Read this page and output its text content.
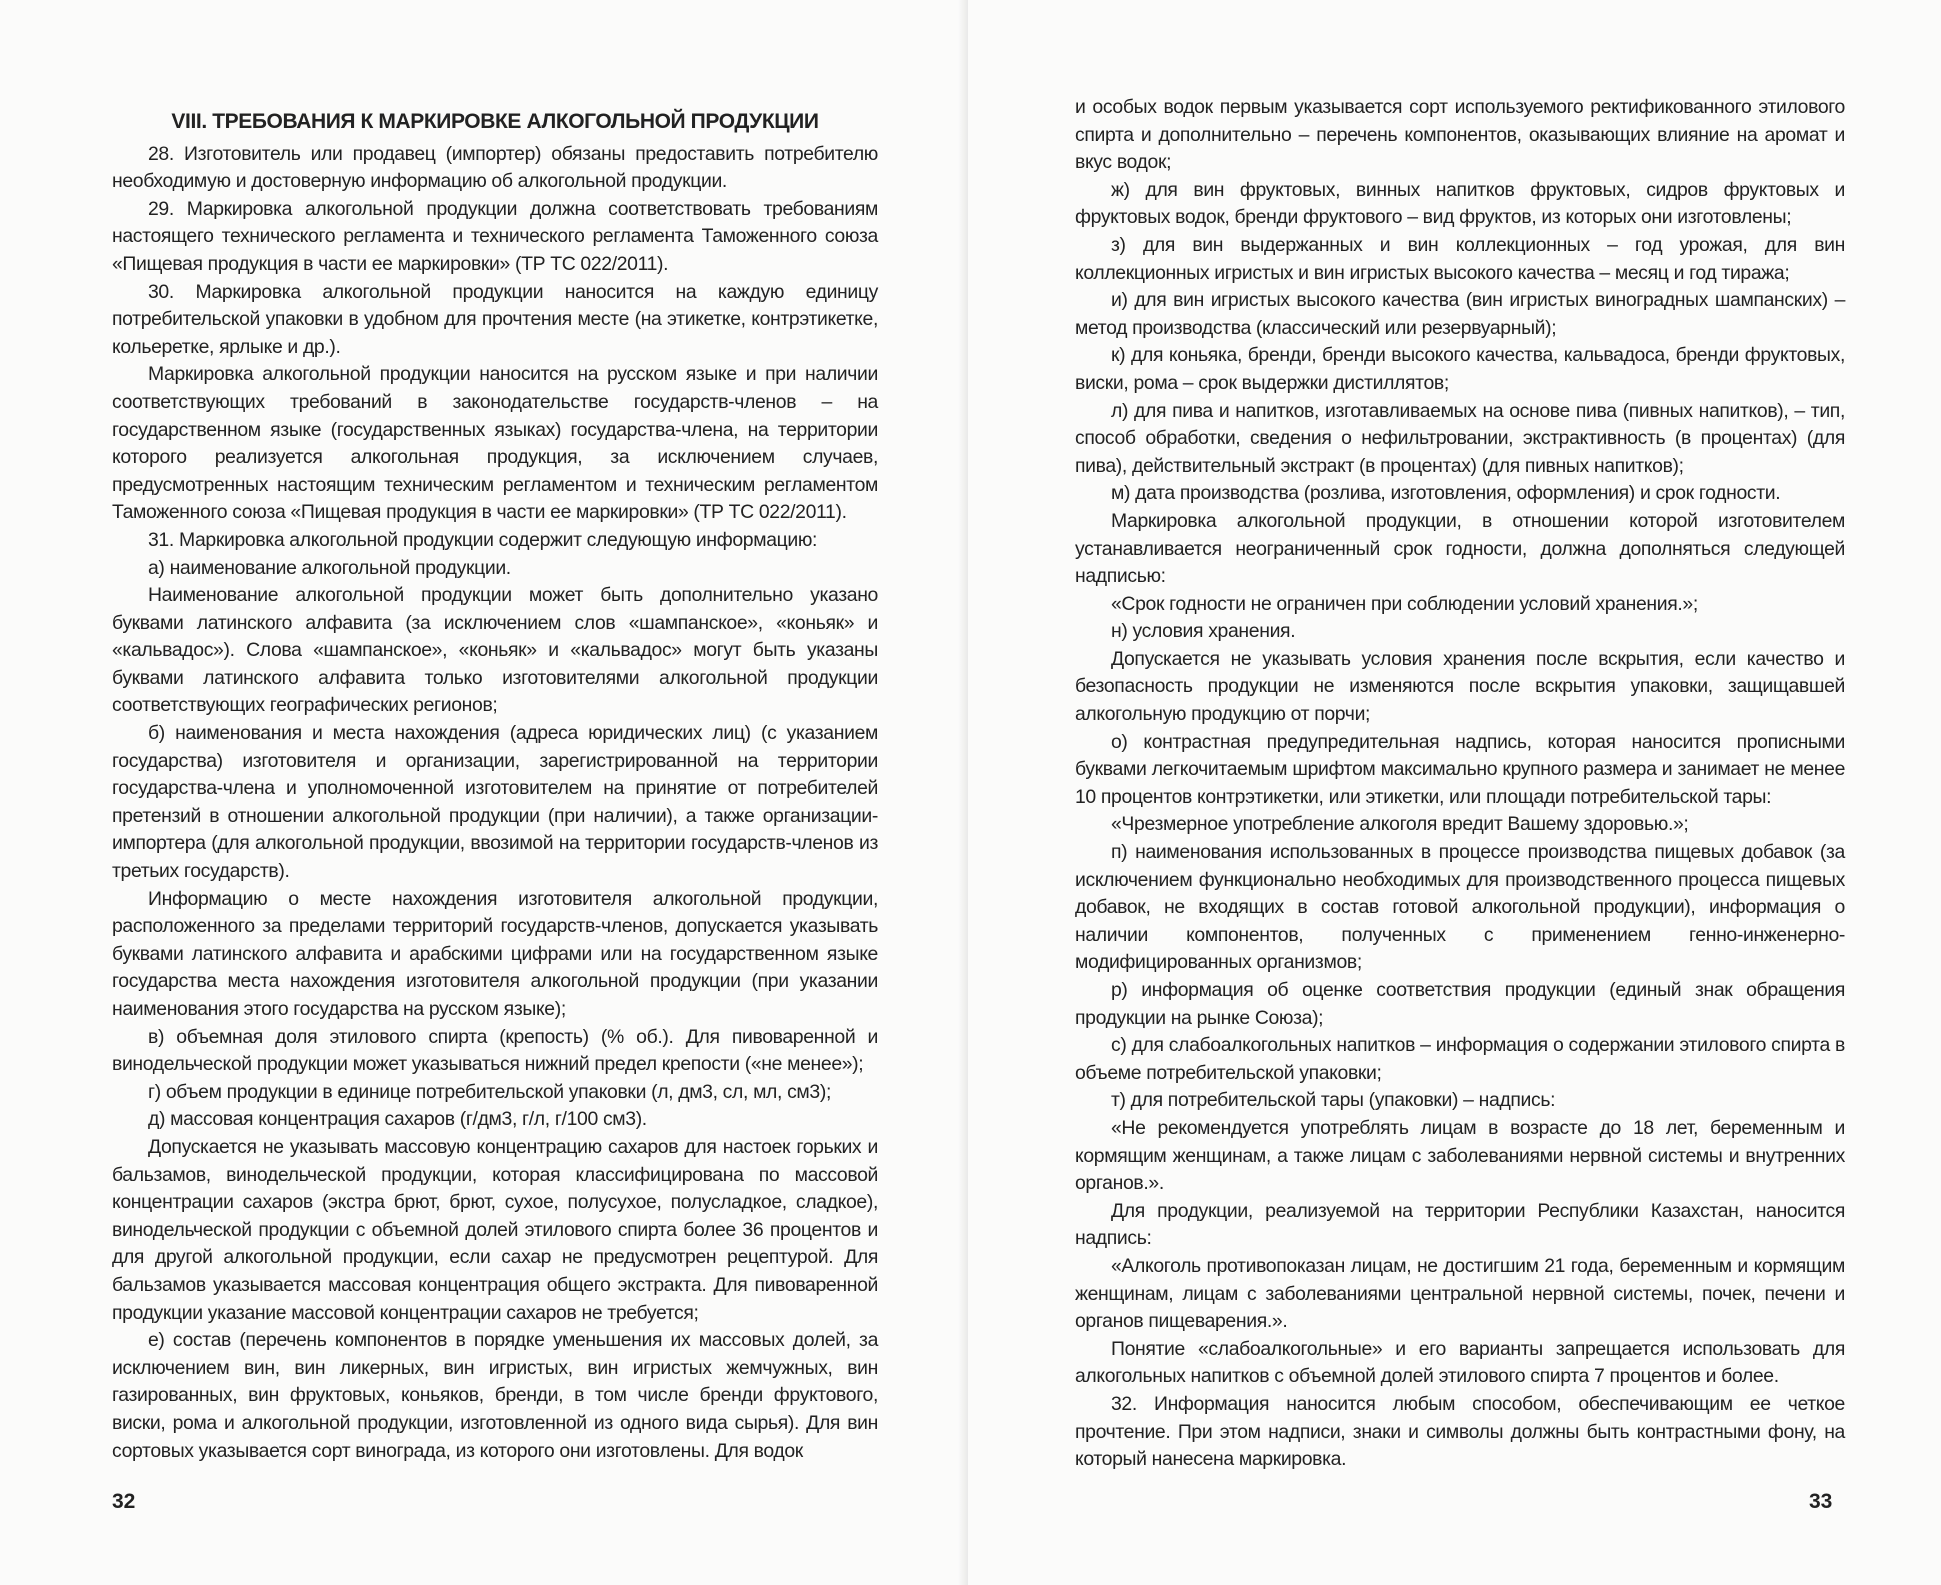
VIII. ТРЕБОВАНИЯ К МАРКИРОВКЕ АЛКОГОЛЬНОЙ ПРОДУКЦИИ

28. Изготовитель или продавец (импортер) обязаны предоставить потребителю необходимую и достоверную информацию об алкогольной продукции.

29. Маркировка алкогольной продукции должна соответствовать требованиям настоящего технического регламента и технического регламента Таможенного союза «Пищевая продукция в части ее маркировки» (ТР ТС 022/2011).

30. Маркировка алкогольной продукции наносится на каждую единицу потребительской упаковки в удобном для прочтения месте (на этикетке, контрэтикетке, кольеретке, ярлыке и др.).

Маркировка алкогольной продукции наносится на русском языке и при наличии соответствующих требований в законодательстве государств-членов – на государственном языке (государственных языках) государства-члена, на территории которого реализуется алкогольная продукция, за исключением случаев, предусмотренных настоящим техническим регламентом и техническим регламентом Таможенного союза «Пищевая продукция в части ее маркировки» (ТР ТС 022/2011).

31. Маркировка алкогольной продукции содержит следующую информацию:

а) наименование алкогольной продукции.

Наименование алкогольной продукции может быть дополнительно указано буквами латинского алфавита (за исключением слов «шампанское», «коньяк» и «кальвадос»). Слова «шампанское», «коньяк» и «кальвадос» могут быть указаны буквами латинского алфавита только изготовителями алкогольной продукции соответствующих географических регионов;

б) наименования и места нахождения (адреса юридических лиц) (с указанием государства) изготовителя и организации, зарегистрированной на территории государства-члена и уполномоченной изготовителем на принятие от потребителей претензий в отношении алкогольной продукции (при наличии), а также организации-импортера (для алкогольной продукции, ввозимой на территории государств-членов из третьих государств).

Информацию о месте нахождения изготовителя алкогольной продукции, расположенного за пределами территорий государств-членов, допускается указывать буквами латинского алфавита и арабскими цифрами или на государственном языке государства места нахождения изготовителя алкогольной продукции (при указании наименования этого государства на русском языке);

в) объемная доля этилового спирта (крепость) (% об.). Для пивоваренной и винодельческой продукции может указываться нижний предел крепости («не менее»);

г) объем продукции в единице потребительской упаковки (л, дм3, сл, мл, см3);

д) массовая концентрация сахаров (г/дм3, г/л, г/100 см3).

Допускается не указывать массовую концентрацию сахаров для настоек горьких и бальзамов, винодельческой продукции, которая классифицирована по массовой концентрации сахаров (экстра брют, брют, сухое, полусухое, полусладкое, сладкое), винодельческой продукции с объемной долей этилового спирта более 36 процентов и для другой алкогольной продукции, если сахар не предусмотрен рецептурой. Для бальзамов указывается массовая концентрация общего экстракта. Для пивоваренной продукции указание массовой концентрации сахаров не требуется;

е) состав (перечень компонентов в порядке уменьшения их массовых долей, за исключением вин, вин ликерных, вин игристых, вин игристых жемчужных, вин газированных, вин фруктовых, коньяков, бренди, в том числе бренди фруктового, виски, рома и алкогольной продукции, изготовленной из одного вида сырья). Для вин сортовых указывается сорт винограда, из которого они изготовлены. Для водок

32

и особых водок первым указывается сорт используемого ректификованного этилового спирта и дополнительно – перечень компонентов, оказывающих влияние на аромат и вкус водок;

ж) для вин фруктовых, винных напитков фруктовых, сидров фруктовых и фруктовых водок, бренди фруктового – вид фруктов, из которых они изготовлены;

з) для вин выдержанных и вин коллекционных – год урожая, для вин коллекционных игристых и вин игристых высокого качества – месяц и год тиража;

и) для вин игристых высокого качества (вин игристых виноградных шампанских) – метод производства (классический или резервуарный);

к) для коньяка, бренди, бренди высокого качества, кальвадоса, бренди фруктовых, виски, рома – срок выдержки дистиллятов;

л) для пива и напитков, изготавливаемых на основе пива (пивных напитков), – тип, способ обработки, сведения о нефильтровании, экстрактивность (в процентах) (для пива), действительный экстракт (в процентах) (для пивных напитков);

м) дата производства (розлива, изготовления, оформления) и срок годности.

Маркировка алкогольной продукции, в отношении которой изготовителем устанавливается неограниченный срок годности, должна дополняться следующей надписью:

«Срок годности не ограничен при соблюдении условий хранения.»;

н) условия хранения.

Допускается не указывать условия хранения после вскрытия, если качество и безопасность продукции не изменяются после вскрытия упаковки, защищавшей алкогольную продукцию от порчи;

о) контрастная предупредительная надпись, которая наносится прописными буквами легкочитаемым шрифтом максимально крупного размера и занимает не менее 10 процентов контрэтикетки, или этикетки, или площади потребительской тары:

«Чрезмерное употребление алкоголя вредит Вашему здоровью.»;

п) наименования использованных в процессе производства пищевых добавок (за исключением функционально необходимых для производственного процесса пищевых добавок, не входящих в состав готовой алкогольной продукции), информация о наличии компонентов, полученных с применением генно-инженерно-модифицированных организмов;

р) информация об оценке соответствия продукции (единый знак обращения продукции на рынке Союза);

с) для слабоалкогольных напитков – информация о содержании этилового спирта в объеме потребительской упаковки;

т) для потребительской тары (упаковки) – надпись:

«Не рекомендуется употреблять лицам в возрасте до 18 лет, беременным и кормящим женщинам, а также лицам с заболеваниями нервной системы и внутренних органов.».

Для продукции, реализуемой на территории Республики Казахстан, наносится надпись:

«Алкоголь противопоказан лицам, не достигшим 21 года, беременным и кормящим женщинам, лицам с заболеваниями центральной нервной системы, почек, печени и органов пищеварения.».

Понятие «слабоалкогольные» и его варианты запрещается использовать для алкогольных напитков с объемной долей этилового спирта 7 процентов и более.

32. Информация наносится любым способом, обеспечивающим ее четкое прочтение. При этом надписи, знаки и символы должны быть контрастными фону, на который нанесена маркировка.

33
